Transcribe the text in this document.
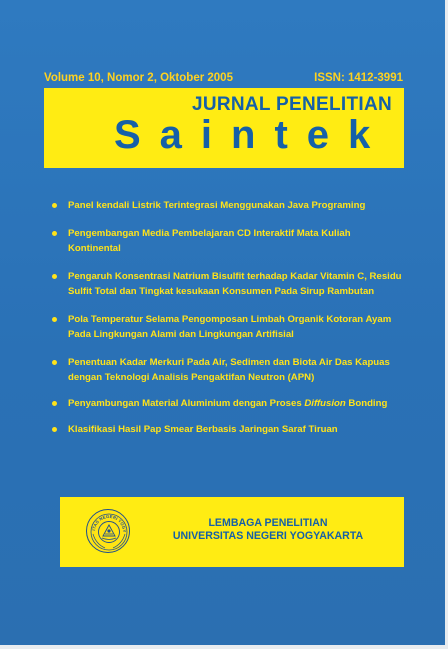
Volume 10, Nomor 2, Oktober 2005	ISSN: 1412-3991
JURNAL PENELITIAN
Saintek
Panel kendali Listrik Terintegrasi Menggunakan Java Programing
Pengembangan Media Pembelajaran CD Interaktif Mata Kuliah
Kontinental
Pengaruh Konsentrasi Natrium Bisulfit terhadap Kadar Vitamin C, Residu
Sulfit Total dan Tingkat kesukaan Konsumen Pada Sirup Rambutan
Pola Temperatur Selama Pengomposan Limbah Organik Kotoran Ayam
Pada Lingkungan Alami dan Lingkungan Artifisial
Penentuan Kadar Merkuri Pada Air, Sedimen dan Biota Air Das Kapuas
dengan Teknologi Analisis Pengaktifan Neutron (APN)
Penyambungan Material Aluminium dengan Proses Diffusion Bonding
Klasifikasi Hasil Pap Smear Berbasis Jaringan Saraf Tiruan
ITAS NEGERI YOGY
LEMBAGA PENELITIAN
UNIVERSITAS NEGERI YOGYAKARTA
